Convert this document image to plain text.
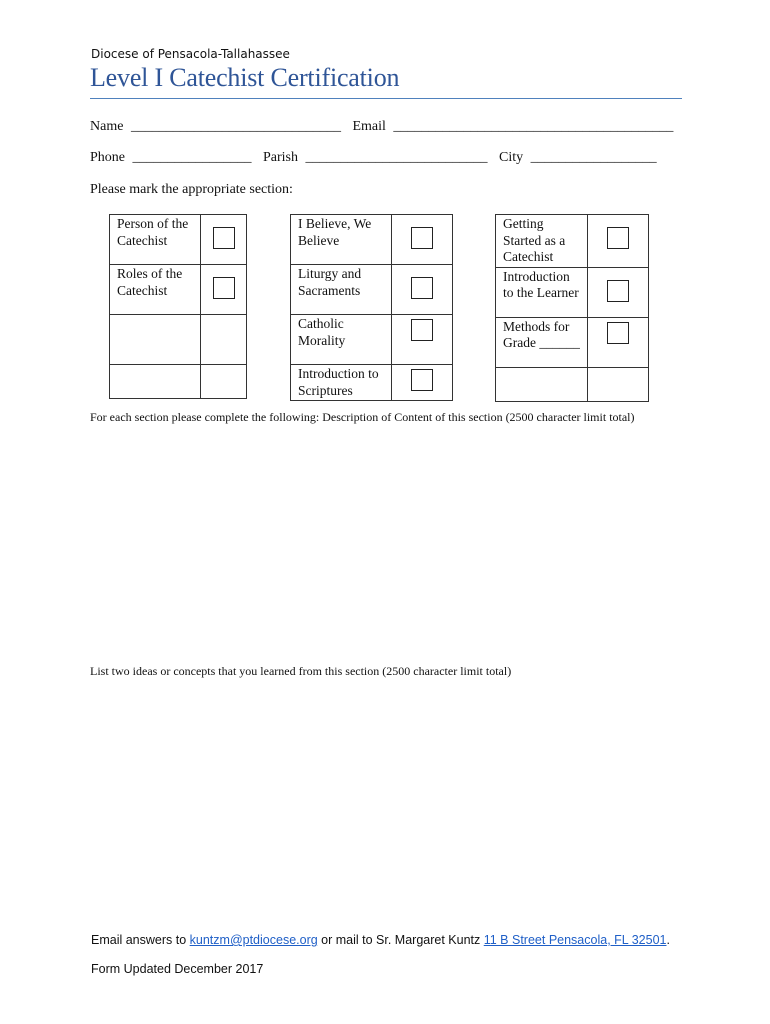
Diocese of Pensacola-Tallahassee
Level I Catechist Certification
Name ______________________________ Email ________________________________________
Phone _________________ Parish __________________________ City __________________
Please mark the appropriate section:
Person of the Catechist	
Roles of the Catechist	

I Believe, We Believe	
Liturgy and Sacraments	
Catholic Morality	
Introduction to Scriptures	
Getting Started as a Catechist	
Introduction to the Learner	
Methods for Grade ______	

For each section please complete the following: Description of Content of this section (2500 character limit total)
List two ideas or concepts that you learned from this section (2500 character limit total)
Email answers to kuntzm@ptdiocese.org or mail to Sr. Margaret Kuntz 11 B Street Pensacola, FL 32501.
Form Updated December 2017
